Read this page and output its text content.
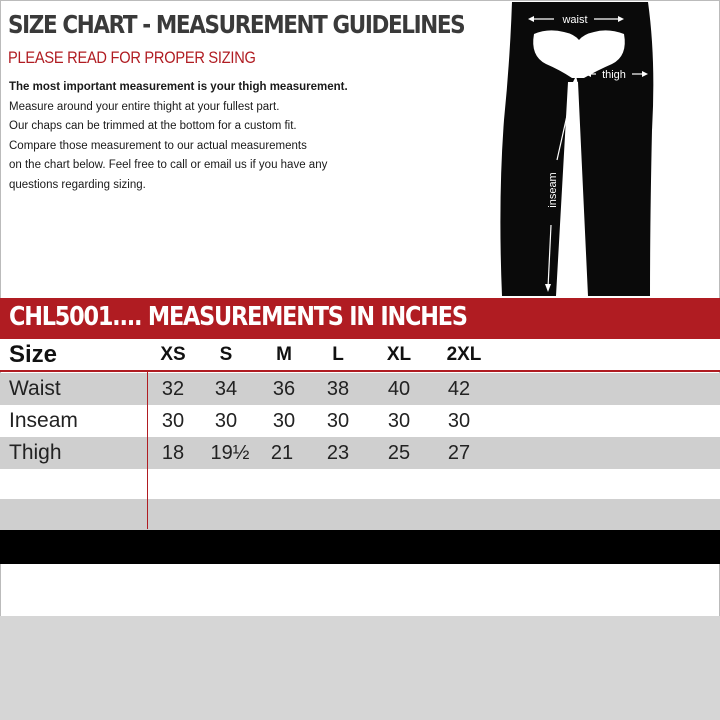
SIZE CHART - MEASUREMENT GUIDELINES
PLEASE READ FOR PROPER SIZING
The most important measurement is your thigh measurement.
Measure around your entire thight at your fullest part.
Our chaps can be trimmed at the bottom for a custom fit.
Compare those measurement to our actual measurements
on the chart below. Feel free to call or email us if you have any
questions regarding sizing.
waist
thigh
inseam
CHL5001.... MEASUREMENTS IN INCHES
Size	XS	S	M	L	XL	2XL
Waist	32	34	36	38	40	42
Inseam	30	30	30	30	30	30
Thigh	18	19½	21	23	25	27
